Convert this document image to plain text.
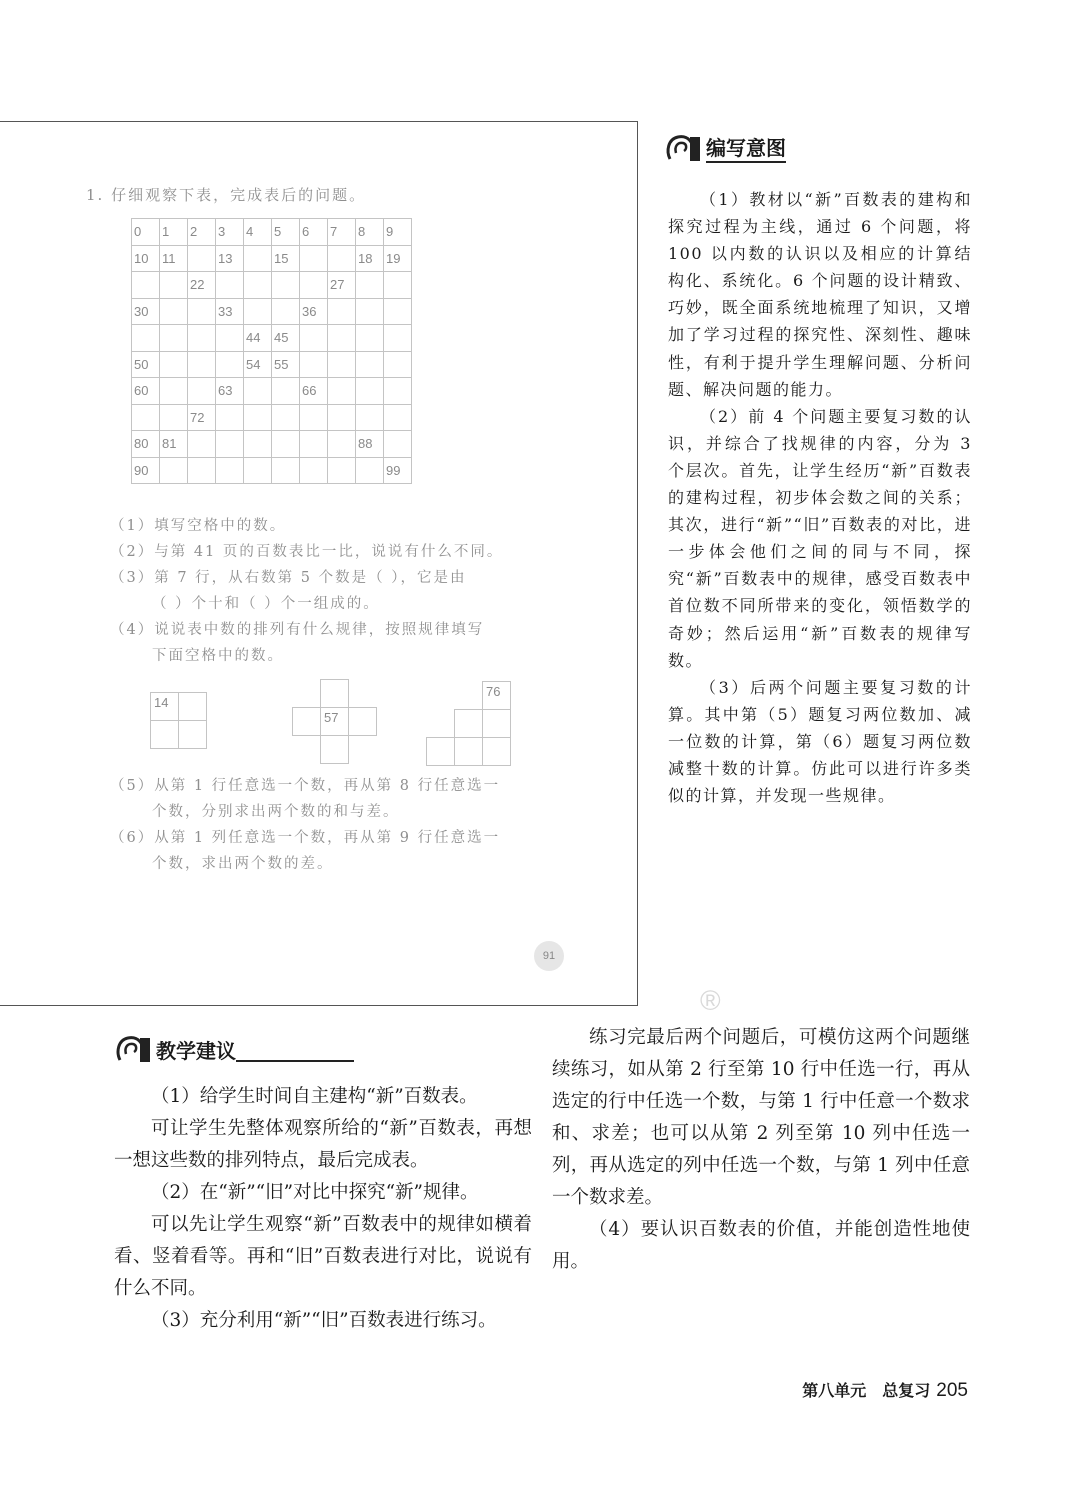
1. 仔细观察下表，完成表后的问题。
0	1	2	3	4	5	6	7	8	9
10	11		13		15			18	19
		22					27		
30			33			36			
				44	45				
50				54	55				
60			63			66			
		72							
80	81							88	
90									99
（1）填写空格中的数。
（2）与第 41 页的百数表比一比，说说有什么不同。
（3）第 7 行，从右数第 5 个数是（ ），它是由
（ ）个十和（ ）个一组成的。
（4）说说表中数的排列有什么规律，按照规律填写
下面空格中的数。
14
57
76
（5）从第 1 行任意选一个数，再从第 8 行任意选一
个数，分别求出两个数的和与差。
（6）从第 1 列任意选一个数，再从第 9 行任意选一
个数，求出两个数的差。
91
编写意图

（1）教材以“新”百数表的建构和探究过程为主线，通过 6 个问题，将 100 以内数的认识以及相应的计算结构化、系统化。6 个问题的设计精致、巧妙，既全面系统地梳理了知识，又增加了学习过程的探究性、深刻性、趣味性，有利于提升学生理解问题、分析问题、解决问题的能力。

（2）前 4 个问题主要复习数的认识，并综合了找规律的内容，分为 3 个层次。首先，让学生经历“新”百数表的建构过程，初步体会数之间的关系；其次，进行“新”“旧”百数表的对比，进一步体会他们之间的同与不同，探究“新”百数表中的规律，感受百数表中首位数不同所带来的变化，领悟数学的奇妙；然后运用“新”百数表的规律写数。

（3）后两个问题主要复习数的计算。其中第（5）题复习两位数加、减一位数的计算，第（6）题复习两位数减整十数的计算。仿此可以进行许多类似的计算，并发现一些规律。

®
教学建议

（1）给学生时间自主建构“新”百数表。

可让学生先整体观察所给的“新”百数表，再想一想这些数的排列特点，最后完成表。

（2）在“新”“旧”对比中探究“新”规律。

可以先让学生观察“新”百数表中的规律如横着看、竖着看等。再和“旧”百数表进行对比，说说有什么不同。

（3）充分利用“新”“旧”百数表进行练习。

练习完最后两个问题后，可模仿这两个问题继续练习，如从第 2 行至第 10 行中任选一行，再从选定的行中任选一个数，与第 1 行中任意一个数求和、求差；也可以从第 2 列至第 10 列中任选一列，再从选定的列中任选一个数，与第 1 列中任意一个数求差。

（4）要认识百数表的价值，并能创造性地使用。

第八单元　总复习 205
